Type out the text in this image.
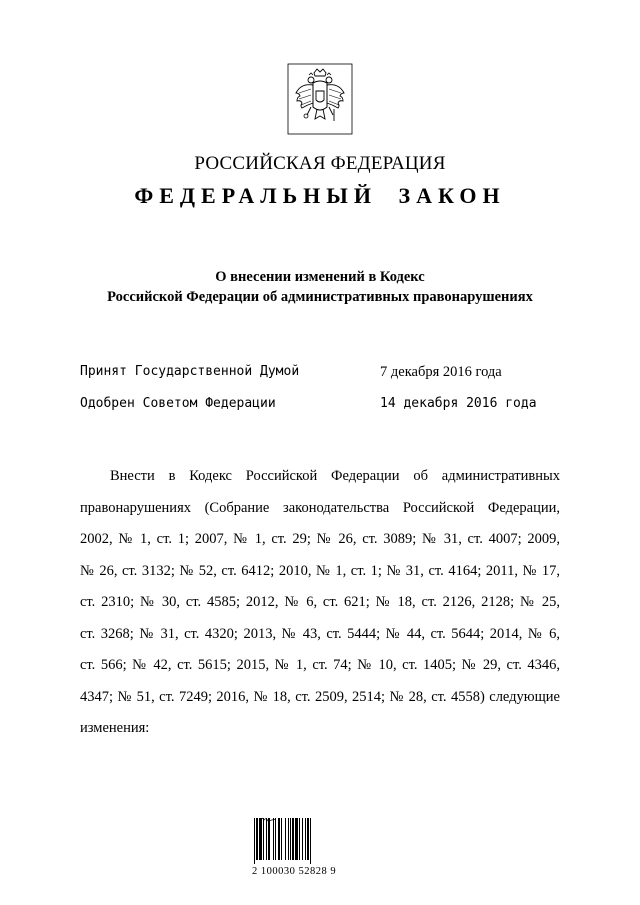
РОССИЙСКАЯ ФЕДЕРАЦИЯ
ФЕДЕРАЛЬНЫЙ ЗАКОН
О внесении изменений в Кодекс
Российской Федерации об административных правонарушениях
Принят Государственной Думой	7 декабря 2016 года
Одобрен Советом Федерации	14 декабря 2016 года
Внести в Кодекс Российской Федерации об административных
правонарушениях (Собрание законодательства Российской Федерации,
2002, № 1, ст. 1; 2007, № 1, ст. 29; № 26, ст. 3089; № 31, ст. 4007; 2009,
№ 26, ст. 3132; № 52, ст. 6412; 2010, № 1, ст. 1; № 31, ст. 4164; 2011, № 17,
ст. 2310; № 30, ст. 4585; 2012, № 6, ст. 621; № 18, ст. 2126, 2128; № 25,
ст. 3268; № 31, ст. 4320; 2013, № 43, ст. 5444; № 44, ст. 5644; 2014, № 6,
ст. 566; № 42, ст. 5615; 2015, № 1, ст. 74; № 10, ст. 1405; № 29, ст. 4346,
4347; № 51, ст. 7249; 2016, № 18, ст. 2509, 2514; № 28, ст. 4558) следующие
изменения:
2 100030 52828 9
